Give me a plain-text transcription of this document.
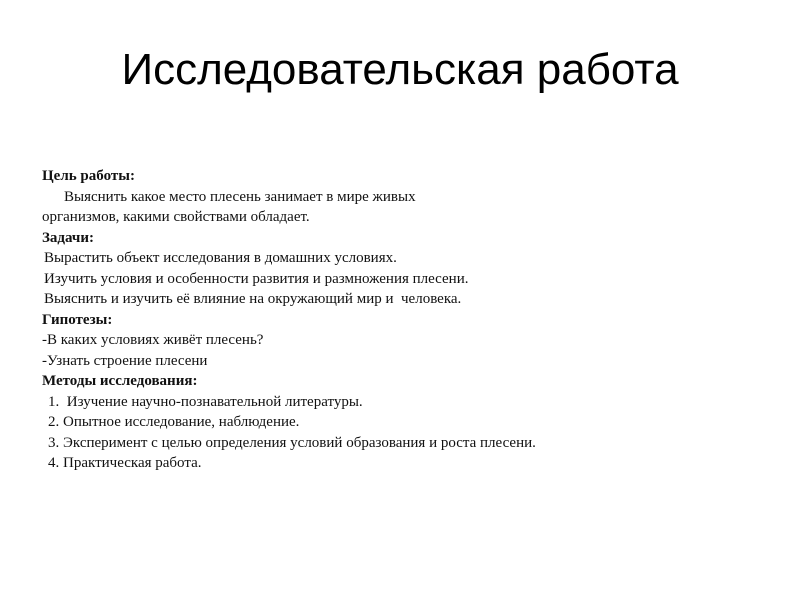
Исследовательская работа
Цель работы:
Выяснить какое место плесень занимает в мире живых
организмов, какими свойствами обладает.
Задачи:
Вырастить объект исследования в домашних условиях.
Изучить условия и особенности развития и размножения плесени.
Выяснить и изучить её влияние на окружающий мир и  человека.
Гипотезы:
-В каких условиях живёт плесень?
-Узнать строение плесени
Методы исследования:
1.  Изучение научно-познавательной литературы.
2. Опытное исследование, наблюдение.
3. Эксперимент с целью определения условий образования и роста плесени.
4. Практическая работа.
